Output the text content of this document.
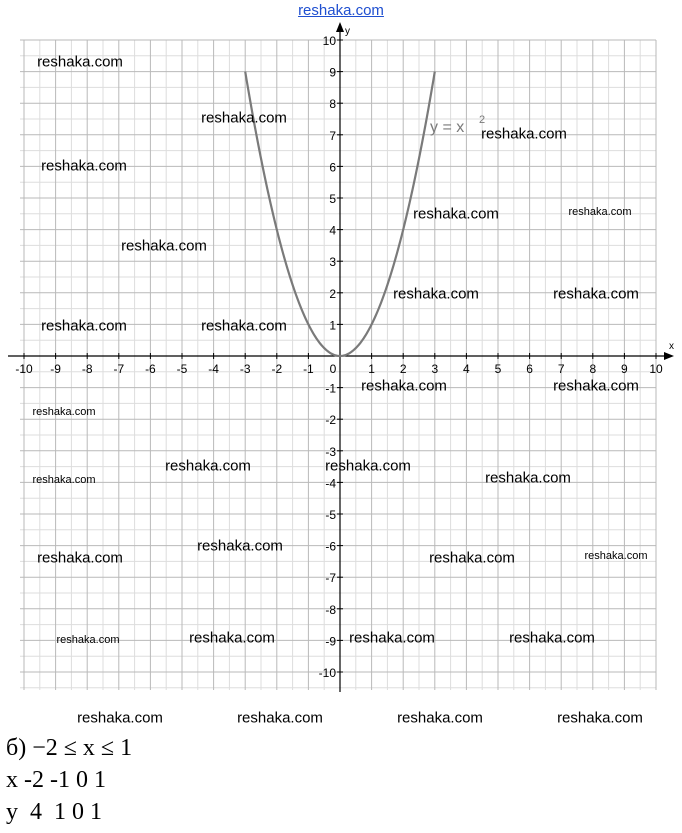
reshaka.com
x
y
-10 -9 -8 -7 -6 -5 -4 -3 -2 -1 0	1 2 3 4 5 6 7 8 9 10
-10
-9
-8
-7
-6
-5
-4
-3
-2
-1
1
2
3
4
5
6
7
8
9
10
y = x 2
reshaka.com
reshaka.com
reshaka.com
reshaka.com
reshaka.com	reshaka.com
reshaka.com
reshaka.com	reshaka.com
reshaka.com	reshaka.com
reshaka.com	reshaka.com
reshaka.com
reshaka.com	reshaka.com
reshaka.com	reshaka.com
reshaka.com
reshaka.com	reshaka.com	reshaka.com
reshaka.com	reshaka.com	reshaka.com	reshaka.com
reshaka.com	reshaka.com	reshaka.com	reshaka.com
б) −2 ≤ x ≤ 1
x -2 -1 0 1
y  4  1 0 1
